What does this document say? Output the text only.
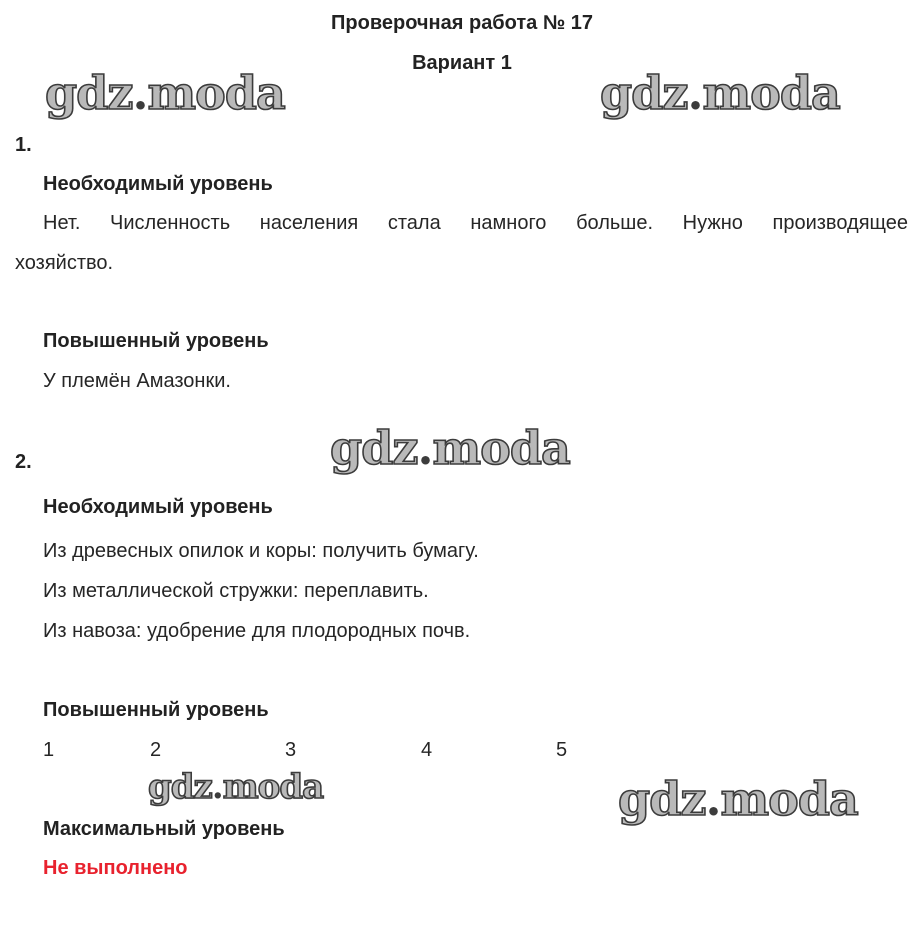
Проверочная работа № 17
Вариант 1
gdz.moda	gdz.moda
gdz.moda
gdz.moda	gdz.moda
1.
Необходимый уровень
Нет. Численность населения стала намного больше. Нужно производящее
хозяйство.
Повышенный уровень
У племён Амазонки.
2.
Необходимый уровень
Из древесных опилок и коры: получить бумагу.
Из металлической стружки: переплавить.
Из навоза: удобрение для плодородных почв.
Повышенный уровень
1	2	3	4	5
Максимальный уровень
Не выполнено
